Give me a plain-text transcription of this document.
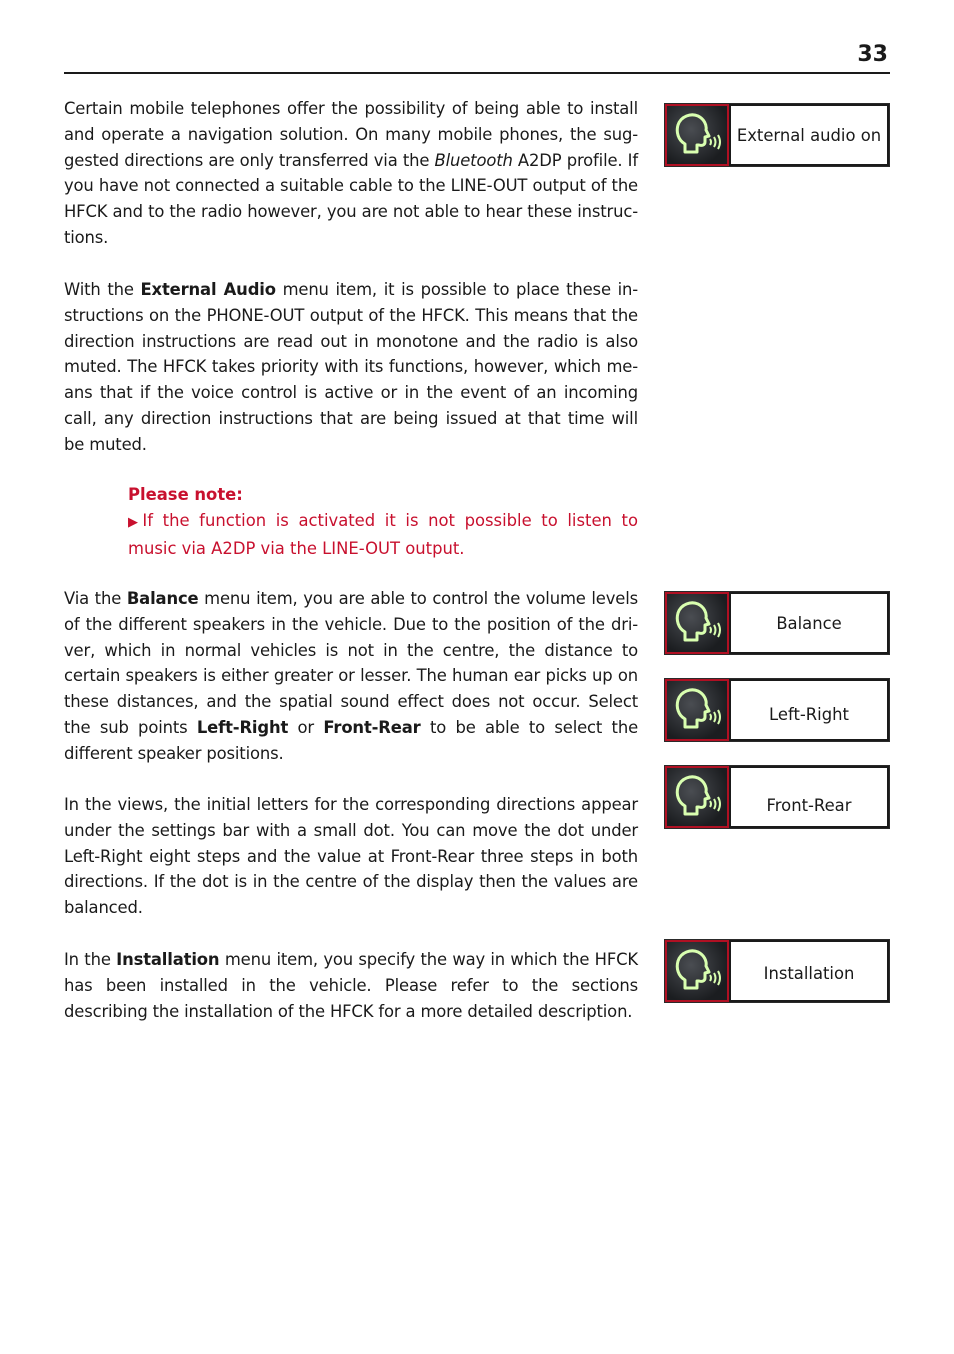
33

Certain mobile telephones offer the possibility of being able to install and operate a navigation solution. On many mobile phones, the sug-gested directions are only transferred via the Bluetooth A2DP profile. If you have not connected a suitable cable to the LINE-OUT output of the HFCK and to the radio however, you are not able to hear these instruc-tions.

With the External Audio menu item, it is possible to place these in-structions on the PHONE-OUT output of the HFCK. This means that the direction instructions are read out in monotone and the radio is also muted. The HFCK takes priority with its functions, however, which me-ans that if the voice control is active or in the event of an incoming call, any direction instructions that are being issued at that time will be muted.

Please note:
▶If the function is activated it is not possible to listen to music via A2DP via the LINE-OUT output.

Via the Balance menu item, you are able to control the volume levels of the different speakers in the vehicle. Due to the position of the dri-ver, which in normal vehicles is not in the centre, the distance to certain speakers is either greater or lesser. The human ear picks up on these distances, and the spatial sound effect does not occur. Select the sub points Left-Right or Front-Rear to be able to select the different speaker positions.

In the views, the initial letters for the corresponding directions appear under the settings bar with a small dot. You can move the dot under Left-Right eight steps and the value at Front-Rear three steps in both directions. If the dot is in the centre of the display then the values are balanced.

In the Installation menu item, you specify the way in which the HFCK has been installed in the vehicle. Please refer to the sections describing the installation of the HFCK for a more detailed description.

External audio on
Balance
Left-Right
Front-Rear
Installation
